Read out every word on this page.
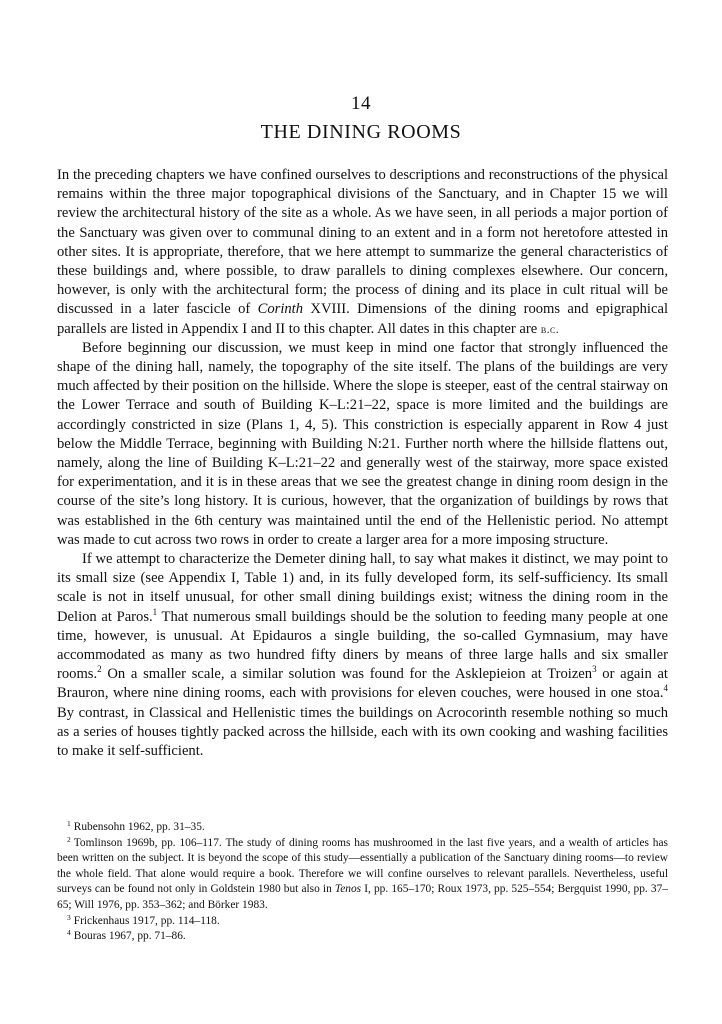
14
THE DINING ROOMS

In the preceding chapters we have confined ourselves to descriptions and reconstructions of the physical remains within the three major topographical divisions of the Sanctuary, and in Chapter 15 we will review the architectural history of the site as a whole. As we have seen, in all periods a major portion of the Sanctuary was given over to communal dining to an extent and in a form not heretofore attested in other sites. It is appropriate, therefore, that we here attempt to summarize the general characteristics of these buildings and, where possible, to draw parallels to dining complexes elsewhere. Our concern, however, is only with the architectural form; the process of dining and its place in cult ritual will be discussed in a later fascicle of Corinth XVIII. Dimensions of the dining rooms and epigraphical parallels are listed in Appendix I and II to this chapter. All dates in this chapter are b.c.

Before beginning our discussion, we must keep in mind one factor that strongly influenced the shape of the dining hall, namely, the topography of the site itself. The plans of the buildings are very much affected by their position on the hillside. Where the slope is steeper, east of the central stairway on the Lower Terrace and south of Building K–L:21–22, space is more limited and the buildings are accordingly constricted in size (Plans 1, 4, 5). This constriction is especially apparent in Row 4 just below the Middle Terrace, beginning with Building N:21. Further north where the hillside flattens out, namely, along the line of Building K–L:21–22 and generally west of the stairway, more space existed for experimentation, and it is in these areas that we see the greatest change in dining room design in the course of the site’s long history. It is curious, however, that the organization of buildings by rows that was established in the 6th century was maintained until the end of the Hellenistic period. No attempt was made to cut across two rows in order to create a larger area for a more imposing structure.

If we attempt to characterize the Demeter dining hall, to say what makes it distinct, we may point to its small size (see Appendix I, Table 1) and, in its fully developed form, its self-sufficiency. Its small scale is not in itself unusual, for other small dining buildings exist; witness the dining room in the Delion at Paros.$^1$ That numerous small buildings should be the solution to feeding many people at one time, however, is unusual. At Epidauros a single building, the so-called Gymnasium, may have accommodated as many as two hundred fifty diners by means of three large halls and six smaller rooms.$^2$ On a smaller scale, a similar solution was found for the Asklepieion at Troizen$^3$ or again at Brauron, where nine dining rooms, each with provisions for eleven couches, were housed in one stoa.$^4$ By contrast, in Classical and Hellenistic times the buildings on Acrocorinth resemble nothing so much as a series of houses tightly packed across the hillside, each with its own cooking and washing facilities to make it self-sufficient.

$^1$ Rubensohn 1962, pp. 31–35.

$^2$ Tomlinson 1969b, pp. 106–117. The study of dining rooms has mushroomed in the last five years, and a wealth of articles has been written on the subject. It is beyond the scope of this study—essentially a publication of the Sanctuary dining rooms—to review the whole field. That alone would require a book. Therefore we will confine ourselves to relevant parallels. Nevertheless, useful surveys can be found not only in Goldstein 1980 but also in Tenos I, pp. 165–170; Roux 1973, pp. 525–554; Bergquist 1990, pp. 37–65; Will 1976, pp. 353–362; and Börker 1983.

$^3$ Frickenhaus 1917, pp. 114–118.

$^4$ Bouras 1967, pp. 71–86.
